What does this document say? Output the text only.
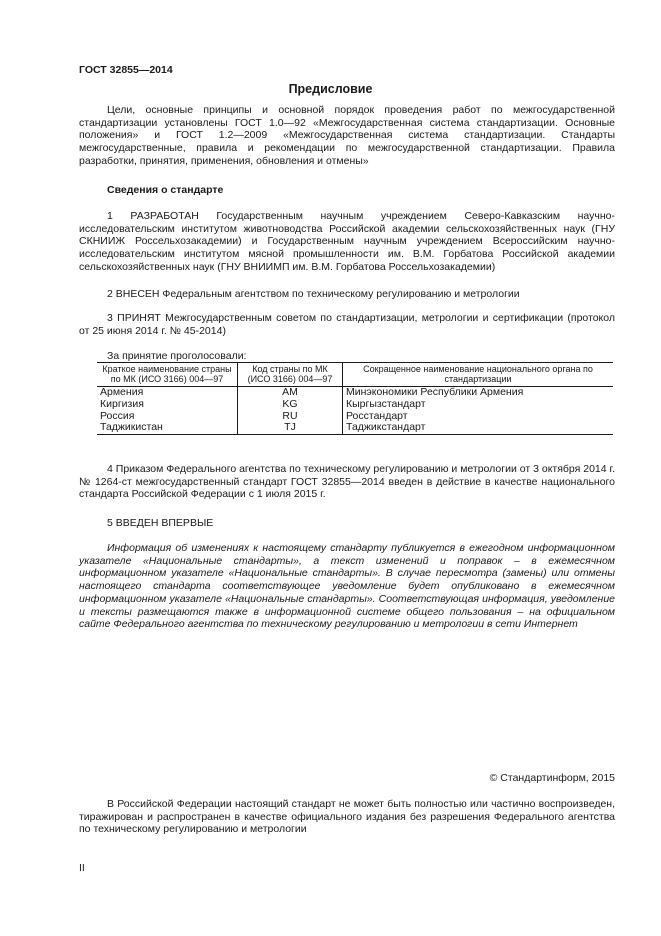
ГОСТ 32855—2014
Предисловие

Цели, основные принципы и основной порядок проведения работ по межгосударственной стандартизации установлены ГОСТ 1.0—92 «Межгосударственная система стандартизации. Основные положения» и ГОСТ 1.2—2009 «Межгосударственная система стандартизации. Стандарты межгосударственные, правила и рекомендации по межгосударственной стандартизации. Правила разработки, принятия, применения, обновления и отмены»

Сведения о стандарте

1 РАЗРАБОТАН Государственным научным учреждением Северо-Кавказским научно-исследовательским институтом животноводства Российской академии сельскохозяйственных наук (ГНУ СКНИИЖ Россельхозакадемии) и Государственным научным учреждением Всероссийским научно-исследовательским институтом мясной промышленности им. В.М. Горбатова Российской академии сельскохозяйственных наук (ГНУ ВНИИМП им. В.М. Горбатова Россельхозакадемии)

2 ВНЕСЕН Федеральным агентством по техническому регулированию и метрологии

3 ПРИНЯТ Межгосударственным советом по стандартизации, метрологии и сертификации (протокол от 25 июня 2014 г. № 45-2014)

За принятие проголосовали:
Краткое наименование страны по МК (ИСО 3166) 004—97	Код страны по МК (ИСО 3166) 004—97	Сокращенное наименование национального органа по стандартизации
Армения	AM	Минэкономики Республики Армения
Киргизия	KG	Кыргызстандарт
Россия	RU	Росстандарт
Таджикистан	TJ	Таджикстандарт

4 Приказом Федерального агентства по техническому регулированию и метрологии от 3 октября 2014 г. № 1264-ст межгосударственный стандарт ГОСТ 32855—2014 введен в действие в качестве национального стандарта Российской Федерации с 1 июля 2015 г.

5 ВВЕДЕН ВПЕРВЫЕ

Информация об изменениях к настоящему стандарту публикуется в ежегодном информационном указателе «Национальные стандарты», а текст изменений и поправок – в ежемесячном информационном указателе «Национальные стандарты». В случае пересмотра (замены) или отмены настоящего стандарта соответствующее уведомление будет опубликовано в ежемесячном информационном указателе «Национальные стандарты». Соответствующая информация, уведомление и тексты размещаются также в информационной системе общего пользования – на официальном сайте Федерального агентства по техническому регулированию и метрологии в сети Интернет

© Стандартинформ, 2015

В Российской Федерации настоящий стандарт не может быть полностью или частично воспроизведен, тиражирован и распространен в качестве официального издания без разрешения Федерального агентства по техническому регулированию и метрологии

II
